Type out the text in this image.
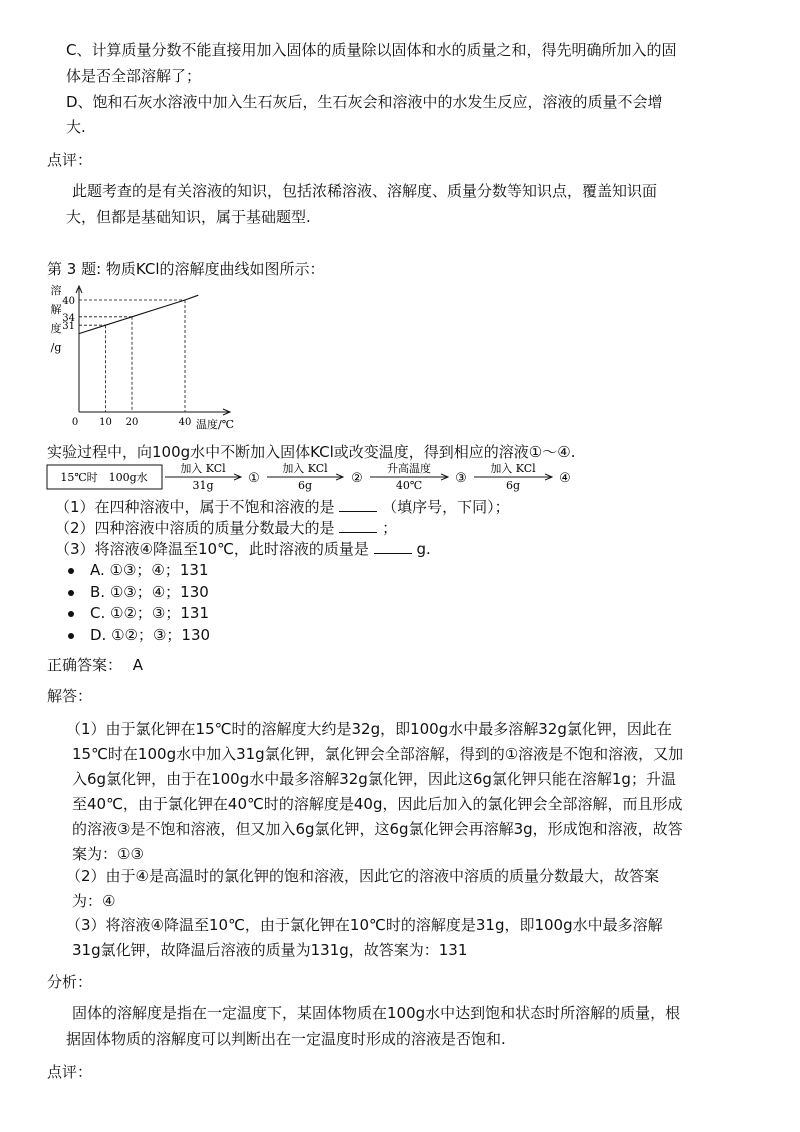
C、计算质量分数不能直接用加入固体的质量除以固体和水的质量之和，得先明确所加入的固
体是否全部溶解了；
D、饱和石灰水溶液中加入生石灰后，生石灰会和溶液中的水发生反应，溶液的质量不会增
大.
点评：
此题考查的是有关溶液的知识，包括浓稀溶液、溶解度、质量分数等知识点，覆盖知识面
大，但都是基础知识，属于基础题型.
第 3 题: 物质KCl的溶解度曲线如图所示：
溶
解
度
/g
温度/℃
0 10 20	40
31
34
40
实验过程中，向100g水中不断加入固体KCl或改变温度，得到相应的溶液①～④.
15℃时　100g水
加入 KCl
31g	①
加入 KCl
6g	②
升高温度
40℃	③
加入 KCl
6g	④
（1）在四种溶液中，属于不饱和溶液的是	（填序号，下同）；
（2）四种溶液中溶质的质量分数最大的是	；
（3）将溶液④降温至10℃，此时溶液的质量是	g.
A. ①③；④；131
B. ①③；④；130
C. ①②；③；131
D. ①②；③；130
正确答案： A
解答：
（1）由于氯化钾在15℃时的溶解度大约是32g，即100g水中最多溶解32g氯化钾，因此在
15℃时在100g水中加入31g氯化钾，氯化钾会全部溶解，得到的①溶液是不饱和溶液，又加
入6g氯化钾，由于在100g水中最多溶解32g氯化钾，因此这6g氯化钾只能在溶解1g；升温
至40℃，由于氯化钾在40℃时的溶解度是40g，因此后加入的氯化钾会全部溶解，而且形成
的溶液③是不饱和溶液，但又加入6g氯化钾，这6g氯化钾会再溶解3g，形成饱和溶液，故答
案为：①③
（2）由于④是高温时的氯化钾的饱和溶液，因此它的溶液中溶质的质量分数最大，故答案
为：④
（3）将溶液④降温至10℃，由于氯化钾在10℃时的溶解度是31g，即100g水中最多溶解
31g氯化钾，故降温后溶液的质量为131g，故答案为：131
分析：
固体的溶解度是指在一定温度下，某固体物质在100g水中达到饱和状态时所溶解的质量，根
据固体物质的溶解度可以判断出在一定温度时形成的溶液是否饱和.
点评：
